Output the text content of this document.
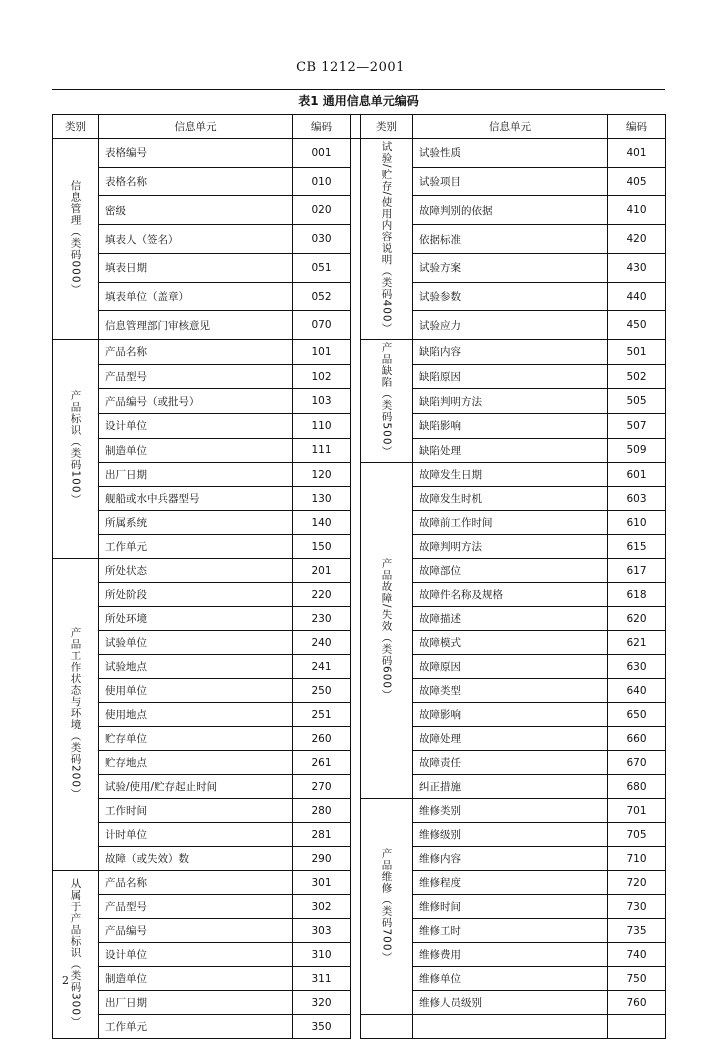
CB 1212—2001
表1 通用信息单元编码
类别	信息单元	编码		类别	信息单元	编码
信息管理（类码000）	表格编号	001		试验/贮存/使用内容说明（类码400）	试验性质	401
	表格名称	010			试验项目	405
	密级	020			故障判别的依据	410
	填表人（签名）	030			依据标准	420
	填表日期	051			试验方案	430
	填表单位（盖章）	052			试验参数	440
	信息管理部门审核意见	070			试验应力	450
产品标识（类码100）	产品名称	101		产品缺陷（类码500）	缺陷内容	501
	产品型号	102			缺陷原因	502
	产品编号（或批号）	103			缺陷判明方法	505
	设计单位	110			缺陷影响	507
	制造单位	111			缺陷处理	509
	出厂日期	120		产品故障/失效（类码600）	故障发生日期	601
	舰船或水中兵器型号	130			故障发生时机	603
	所属系统	140			故障前工作时间	610
	工作单元	150			故障判明方法	615
产品工作状态与环境（类码200）	所处状态	201			故障部位	617
	所处阶段	220			故障件名称及规格	618
	所处环境	230			故障描述	620
	试验单位	240			故障模式	621
	试验地点	241			故障原因	630
	使用单位	250			故障类型	640
	使用地点	251			故障影响	650
	贮存单位	260			故障处理	660
	贮存地点	261			故障责任	670
	试验/使用/贮存起止时间	270			纠正措施	680
	工作时间	280		产品维修（类码700）	维修类别	701
	计时单位	281			维修级别	705
	故障（或失效）数	290			维修内容	710
从属于产品标识（类码300）	产品名称	301			维修程度	720
	产品型号	302			维修时间	730
	产品编号	303			维修工时	735
	设计单位	310			维修费用	740
	制造单位	311			维修单位	750
	出厂日期	320			维修人员级别	760
	工作单元	350				
2
